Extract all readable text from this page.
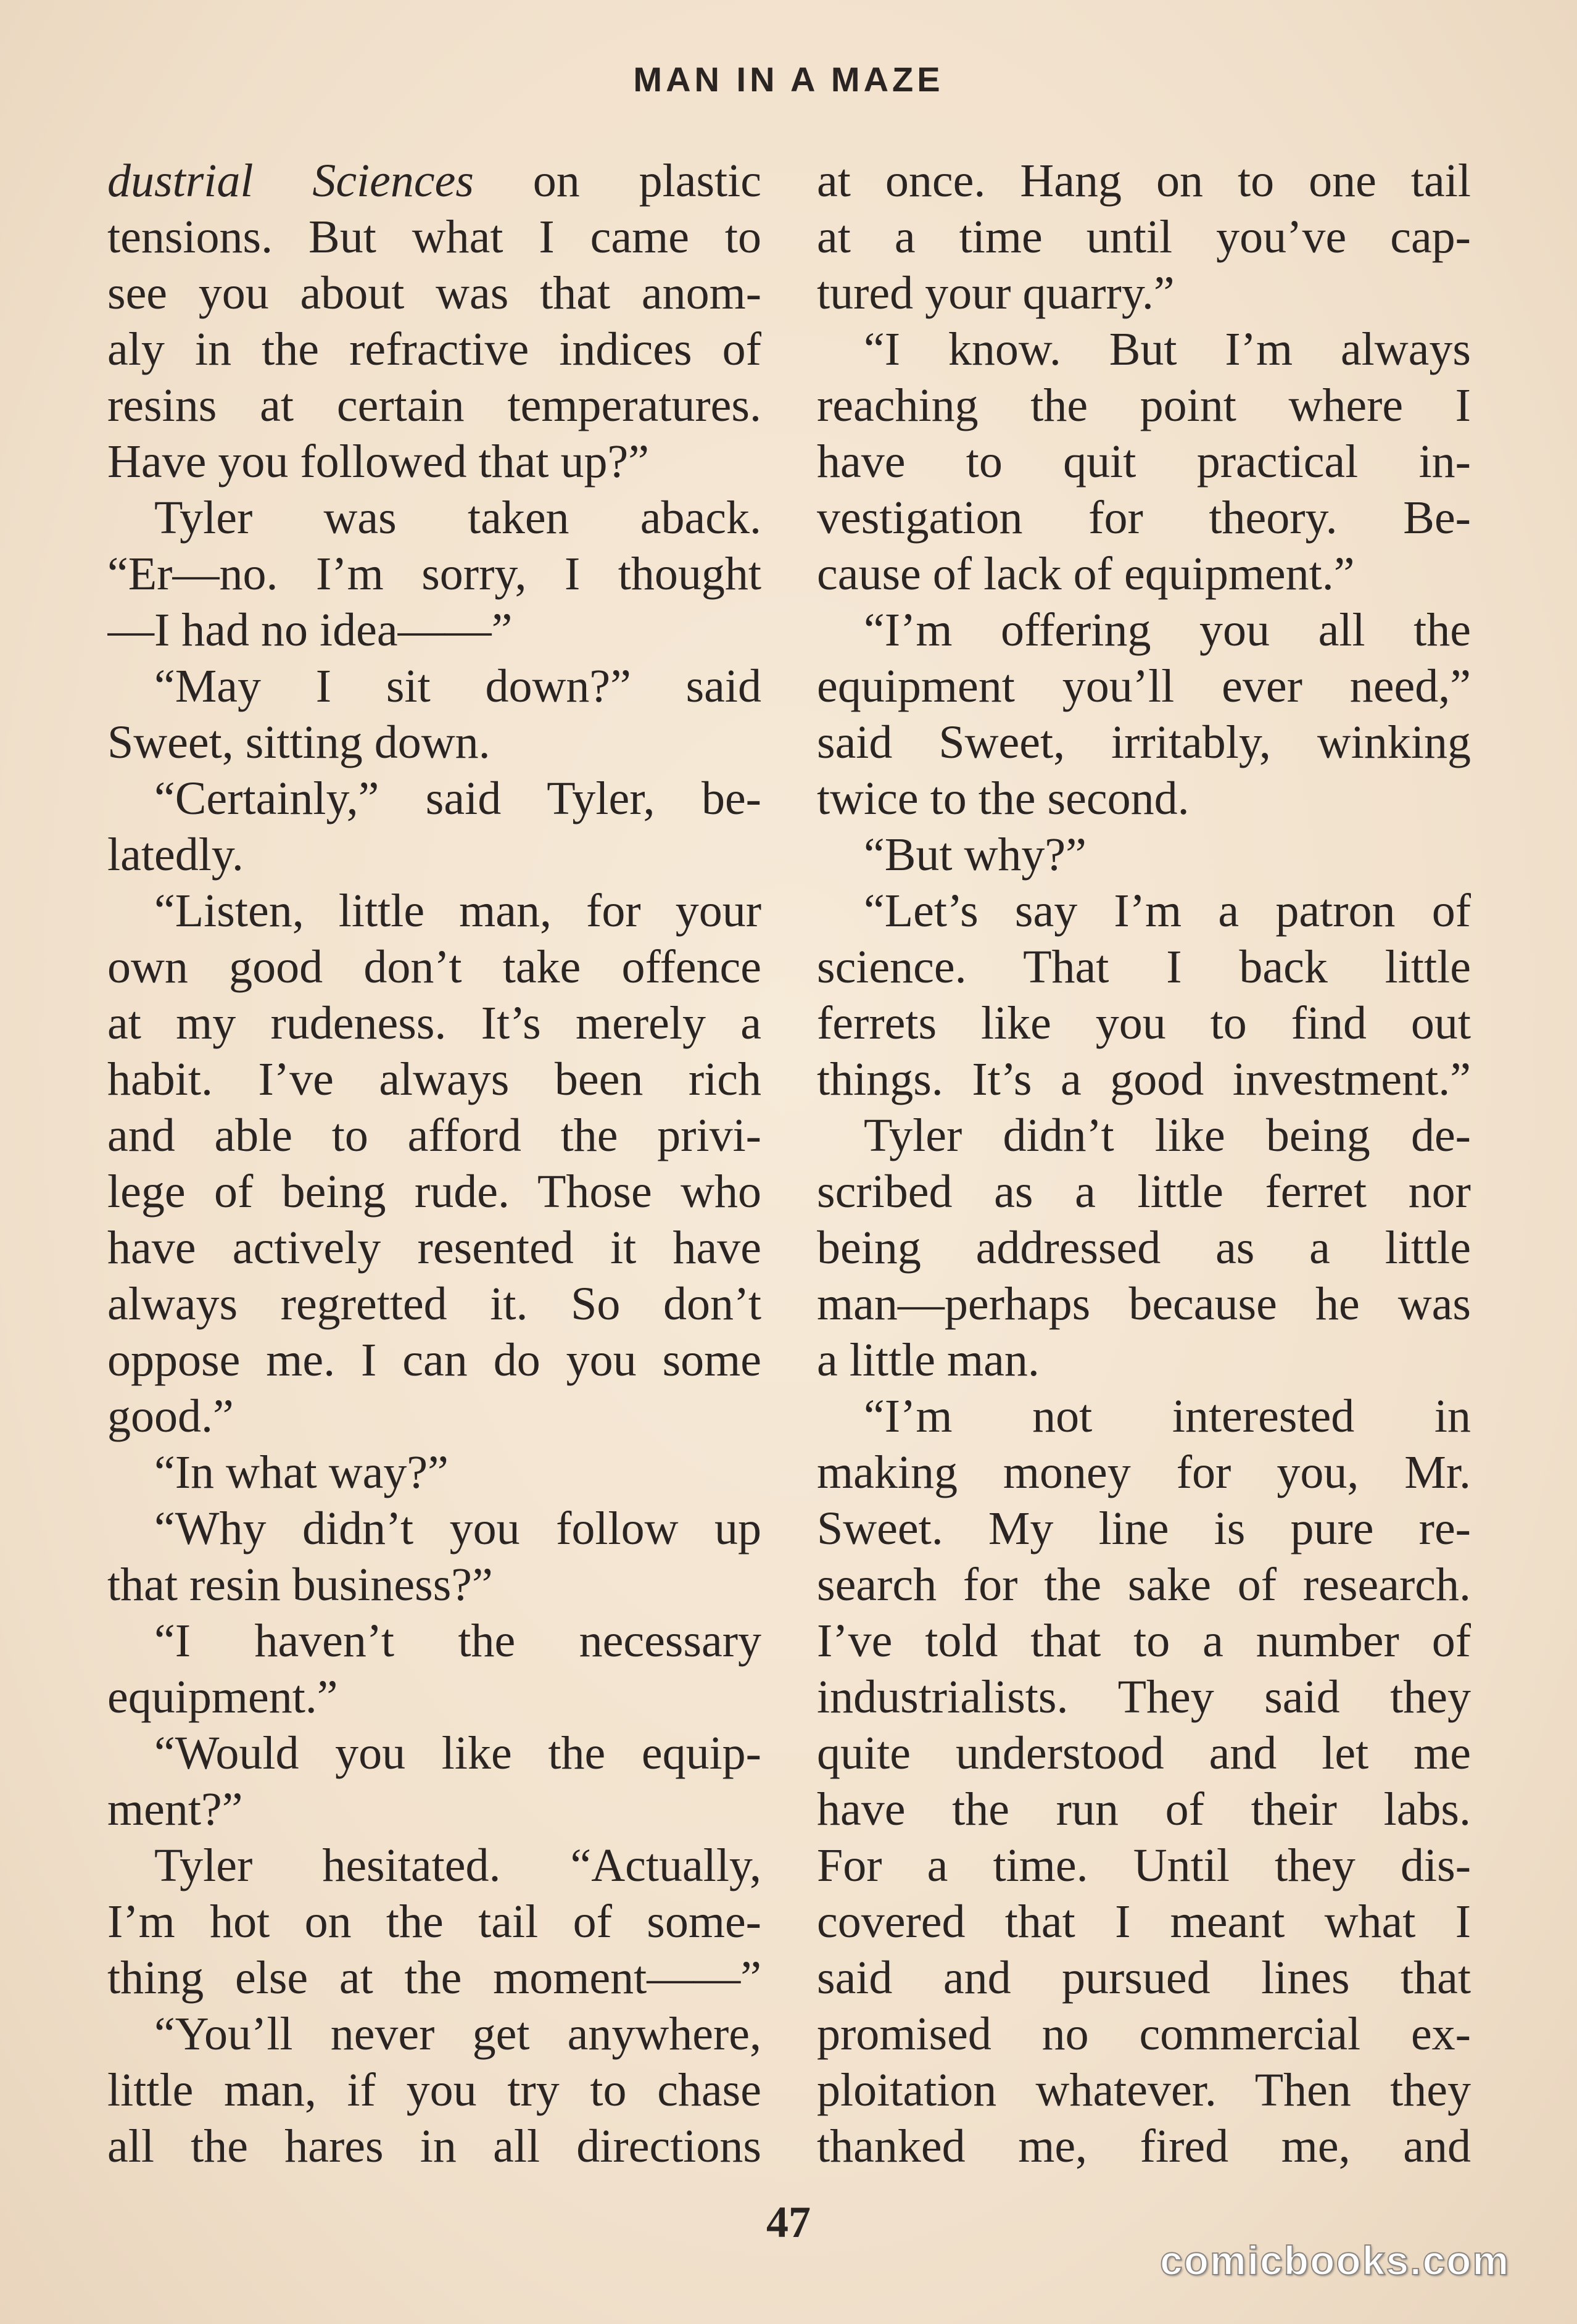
MAN IN A MAZE
dustrial Sciences on plastic
tensions. But what I came to
see you about was that anom-
aly in the refractive indices of
resins at certain temperatures.
Have you followed that up?”
Tyler was taken aback.
“Er—no. I’m sorry, I thought
—I had no idea——”
“May I sit down?” said
Sweet, sitting down.
“Certainly,” said Tyler, be-
latedly.
“Listen, little man, for your
own good don’t take offence
at my rudeness. It’s merely a
habit. I’ve always been rich
and able to afford the privi-
lege of being rude. Those who
have actively resented it have
always regretted it. So don’t
oppose me. I can do you some
good.”
“In what way?”
“Why didn’t you follow up
that resin business?”
“I haven’t the necessary
equipment.”
“Would you like the equip-
ment?”
Tyler hesitated. “Actually,
I’m hot on the tail of some-
thing else at the moment——”
“You’ll never get anywhere,
little man, if you try to chase
all the hares in all directions
at once. Hang on to one tail
at a time until you’ve cap-
tured your quarry.”
“I know. But I’m always
reaching the point where I
have to quit practical in-
vestigation for theory. Be-
cause of lack of equipment.”
“I’m offering you all the
equipment you’ll ever need,”
said Sweet, irritably, winking
twice to the second.
“But why?”
“Let’s say I’m a patron of
science. That I back little
ferrets like you to find out
things. It’s a good investment.”
Tyler didn’t like being de-
scribed as a little ferret nor
being addressed as a little
man—perhaps because he was
a little man.
“I’m not interested in
making money for you, Mr.
Sweet. My line is pure re-
search for the sake of research.
I’ve told that to a number of
industrialists. They said they
quite understood and let me
have the run of their labs.
For a time. Until they dis-
covered that I meant what I
said and pursued lines that
promised no commercial ex-
ploitation whatever. Then they
thanked me, fired me, and
47
comicbooks.com
